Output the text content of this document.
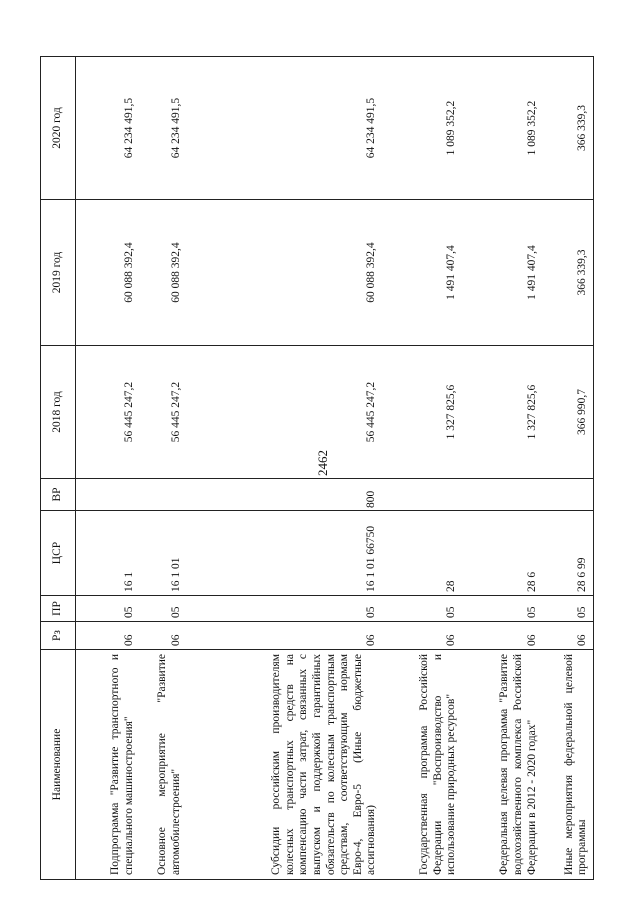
2462
Наименование	Рз	ПР	ЦСР	ВР	2018 год	2019 год	2020 год
Подпрограмма "Развитие транспортного и специального машиностроения"	06	05	16 1		56 445 247,2	60 088 392,4	64 234 491,5
Основное мероприятие "Развитие автомобилестроения"	06	05	16 1 01		56 445 247,2	60 088 392,4	64 234 491,5
Субсидии российским производителям колесных транспортных средств на компенсацию части затрат, связанных с выпуском и поддержкой гарантийных обязательств по колесным транспортным средствам, соответствующим нормам Евро-4, Евро-5 (Иные бюджетные ассигнования)	06	05	16 1 01 66750	800	56 445 247,2	60 088 392,4	64 234 491,5
Государственная программа Российской Федерации "Воспроизводство и использование природных ресурсов"	06	05	28		1 327 825,6	1 491 407,4	1 089 352,2
Федеральная целевая программа "Развитие водохозяйственного комплекса Российской Федерации в 2012 - 2020 годах"	06	05	28 6		1 327 825,6	1 491 407,4	1 089 352,2
Иные мероприятия федеральной целевой программы	06	05	28 6 99		366 990,7	366 339,3	366 339,3
